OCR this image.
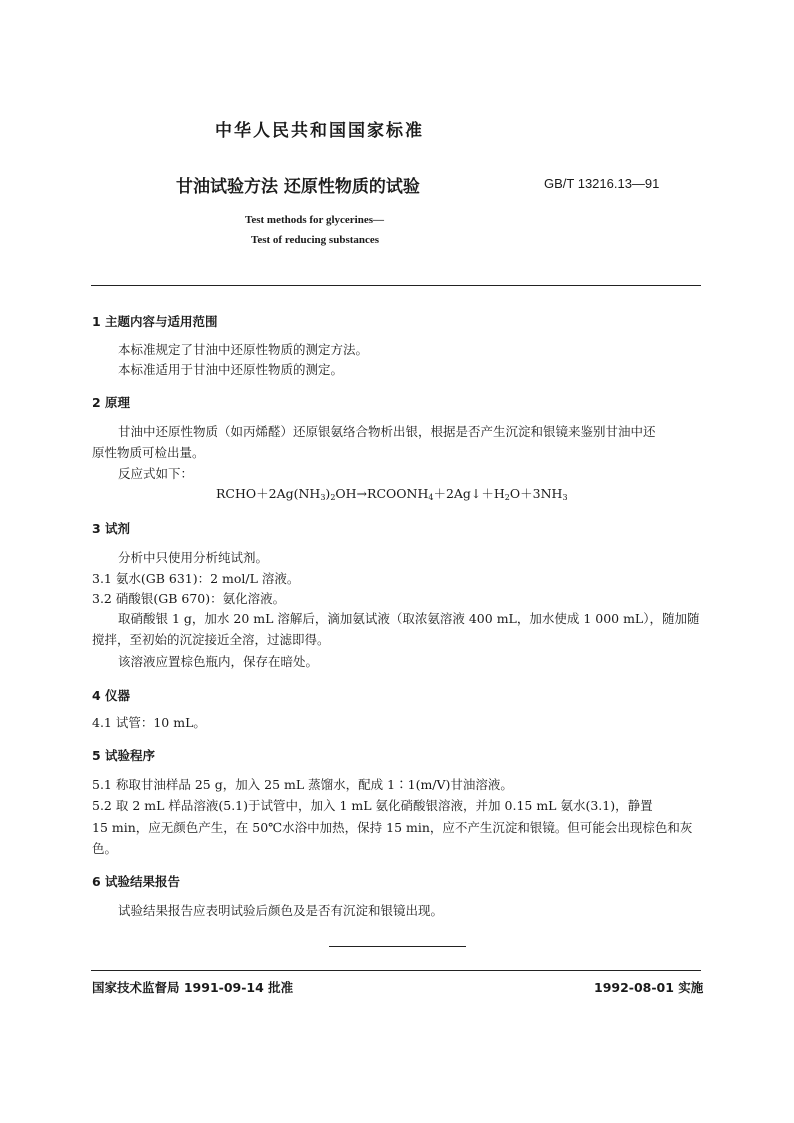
中华人民共和国国家标准
甘油试验方法 还原性物质的试验	GB/T 13216.13—91
Test methods for glycerines—
Test of reducing substances
1 主题内容与适用范围
本标准规定了甘油中还原性物质的测定方法。
本标准适用于甘油中还原性物质的测定。
2 原理
甘油中还原性物质（如丙烯醛）还原银氨络合物析出银，根据是否产生沉淀和银镜来鉴别甘油中还
原性物质可检出量。
反应式如下：
$RCHO+2Ag(NH_3)_2OH\to RCOONH_4+2Ag↓+H_2O+3NH_3$
3 试剂
分析中只使用分析纯试剂。
3.1 氨水(GB 631)：2 mol/L 溶液。
3.2 硝酸银(GB 670)：氨化溶液。
取硝酸银 1 g，加水 20 mL 溶解后，滴加氨试液（取浓氨溶液 400 mL，加水使成 1 000 mL），随加随
搅拌，至初始的沉淀接近全溶，过滤即得。
该溶液应置棕色瓶内，保存在暗处。
4 仪器
4.1 试管：10 mL。
5 试验程序
5.1 称取甘油样品 25 g，加入 25 mL 蒸馏水，配成 1∶1(m/V)甘油溶液。
5.2 取 2 mL 样品溶液(5.1)于试管中，加入 1 mL 氨化硝酸银溶液，并加 0.15 mL 氨水(3.1)，静置
15 min，应无颜色产生，在 50℃水浴中加热，保持 15 min，应不产生沉淀和银镜。但可能会出现棕色和灰
色。
6 试验结果报告
试验结果报告应表明试验后颜色及是否有沉淀和银镜出现。
国家技术监督局 1991-09-14 批准	1992-08-01 实施
